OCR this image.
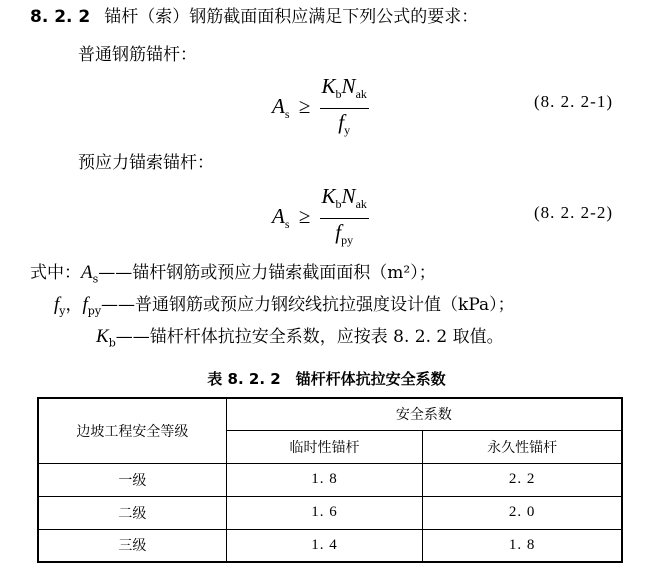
8. 2. 2 锚杆（索）钢筋截面面积应满足下列公式的要求：
普通钢筋锚杆：
$A_s \ge \frac{K_bN_{ak}}{f_y}$	(8. 2. 2-1)
预应力锚索锚杆：
$A_s \ge \frac{K_bN_{ak}}{f_{py}}$	(8. 2. 2-2)
式中：$A_s——$锚杆钢筋或预应力锚索截面面积（m²）；
$f_y$，$f_{py}——$普通钢筋或预应力钢绞线抗拉强度设计值（kPa）；
$K_b——$锚杆杆体抗拉安全系数，应按表 8. 2. 2 取值。
表 8. 2. 2　锚杆杆体抗拉安全系数
边坡工程安全等级	安全系数	
	临时性锚杆	永久性锚杆
一级	1. 8	2. 2
二级	1. 6	2. 0
三级	1. 4	1. 8
